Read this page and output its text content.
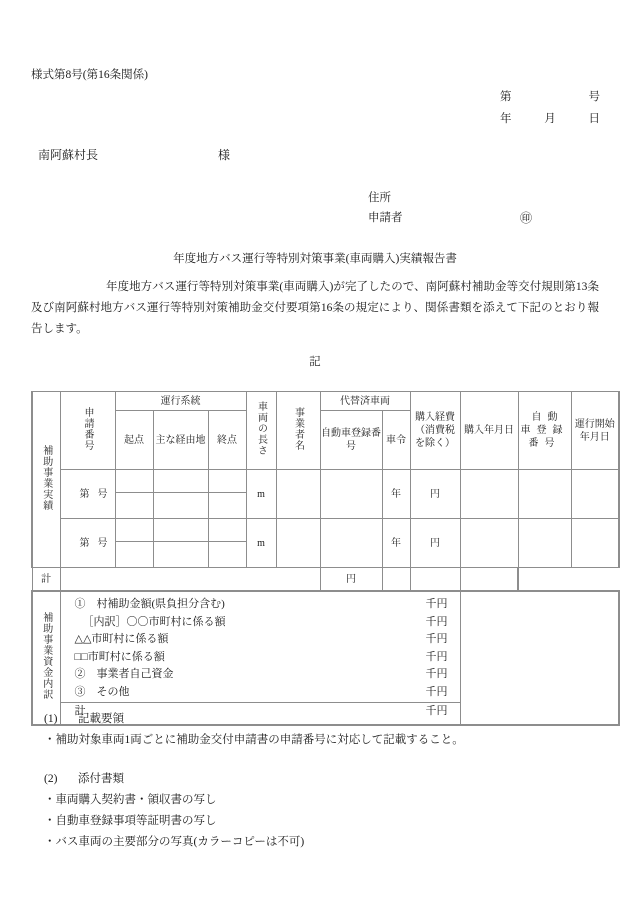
様式第8号(第16条関係)
第	号
年	月	日
南阿蘇村長	様
住所
申請者	㊞
年度地方バス運行等特別対策事業(車両購入)実績報告書
年度地方バス運行等特別対策事業(車両購入)が完了したので、南阿蘇村補助金等交付規則第13条及び南阿蘇村地方バス運行等特別対策補助金交付要項第16条の規定により、関係書類を添えて下記のとおり報告します。
記
補助事業実績	申請番号	運行系統			車両の長さ	事業者名	代替済車両		購入経費（消費税を除く）	購入年月日	自動車登録番号	運行開始年月日
		起点	主な経由地	終点			自動車登録番号	車令				
	第号				m			年	円			

	第号				m			年	円			

計							円					
補助事業資金内訳	
①　村補助金額(県負担分含む)	千円
［内訳］〇〇市町村に係る額	千円
△△市町村に係る額	千円
□□市町村に係る額	千円
②　事業者自己資金	千円
③　その他	千円
計	千円

(1) 記載要領

・補助対象車両1両ごとに補助金交付申請書の申請番号に対応して記載すること。

(2) 添付書類

・車両購入契約書・領収書の写し

・自動車登録事項等証明書の写し

・バス車両の主要部分の写真(カラーコピーは不可)
